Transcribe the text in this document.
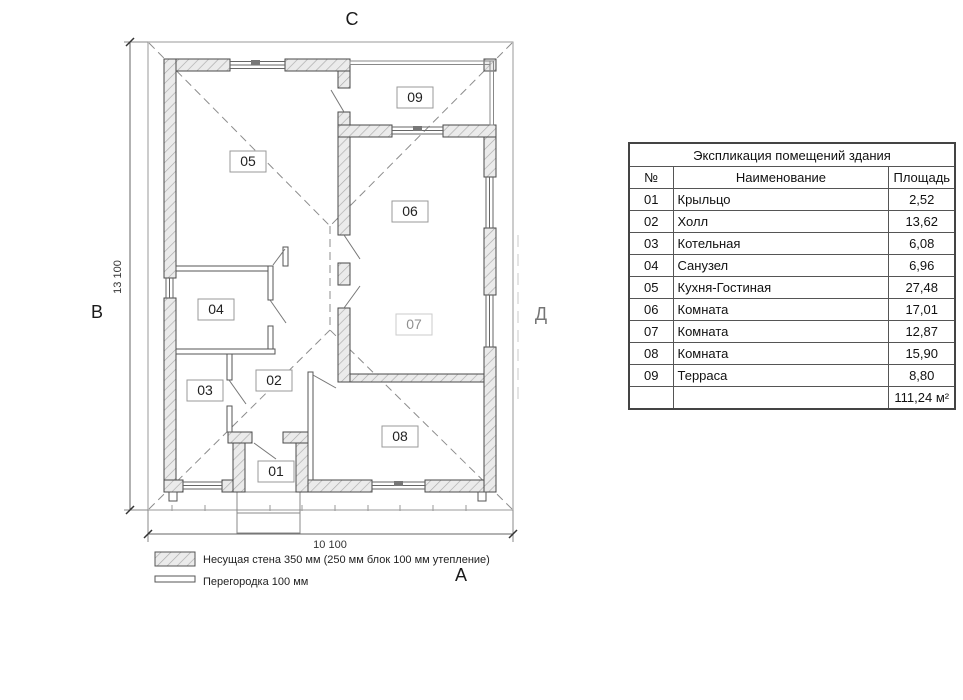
01
02
03
04
05
06
07
08
09
13 100
10 100
С
В	Д
А
Несущая стена 350 мм (250 мм блок 100 мм утепление)
Перегородка 100 мм
Экспликация помещений здания		
№	Наименование	Площадь
01	Крыльцо	2,52
02	Холл	13,62
03	Котельная	6,08
04	Санузел	6,96
05	Кухня-Гостиная	27,48
06	Комната	17,01
07	Комната	12,87
08	Комната	15,90
09	Терраса	8,80
		111,24 м²
